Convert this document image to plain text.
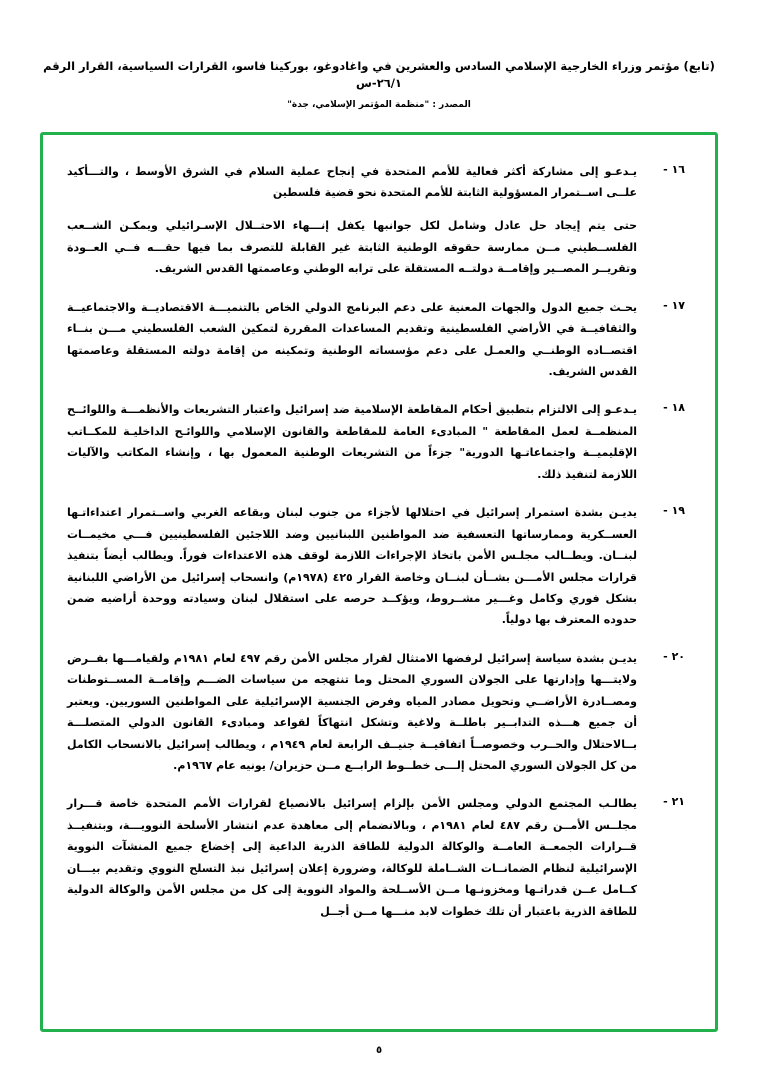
(تابع) مؤتمر وزراء الخارجية الإسلامي السادس والعشرين في واغادوغو، بوركينا فاسو، القرارات السياسية، القرار الرقم ٢٦/١-س
المصدر : "منظمة المؤتمر الإسلامي، جدة"
١٦ -

يـدعـو إلى مشاركة أكثر فعالية للأمم المتحدة في إنجاح عملية السلام في الشرق الأوسط ، والتـــأكيد علــى اســتمرار المسؤولية الثابتة للأمم المتحدة نحو قضية فلسطين

حتى يتم إيجاد حل عادل وشامل لكل جوانبها يكفل إنـــهاء الاحتــلال الإسـرائيلي ويمكـن الشــعب الفلســطيني مــن ممارسة حقوقه الوطنية الثابتة غير القابلة للتصرف بما فيها حقـــه فــي العــودة وتقريــر المصــير وإقامــة دولتــه المستقلة على ترابه الوطني وعاصمتها القدس الشريف.

١٧ -

يحـث جميع الدول والجهات المعنية على دعم البرنامج الدولي الخاص بالتنميـــة الاقتصاديــة والاجتماعيــة والثقافيــة في الأراضي الفلسطينية وتقديم المساعدات المقررة لتمكين الشعب الفلسطيني مـــن بنــاء اقتصــاده الوطنــي والعمـل على دعم مؤسساته الوطنية وتمكينه من إقامة دولته المستقلة وعاصمتها القدس الشريف.

١٨ -

يـدعـو إلى الالتزام بتطبيق أحكام المقاطعة الإسلامية ضد إسرائيل واعتبار التشريعات والأنظمـــة واللوائــح المنظمــة لعمل المقاطعة " المبادىء العامة للمقاطعة والقانون الإسلامي واللوائـح الداخليـة للمكــاتب الإقليميــة واجتماعاتـها الدورية" جزءاً من التشريعات الوطنية المعمول بها ، وإنشاء المكاتب والآليات اللازمة لتنفيذ ذلك.

١٩ -

يديـن بشدة استمرار إسرائيل في احتلالها لأجزاء من جنوب لبنان وبقاعه الغربي واســتمرار اعتداءاتـها العســكرية وممارساتها التعسفية ضد المواطنين اللبنانيين وضد اللاجئين الفلسطينيين فـــي مخيمــات لبنــان. ويطــالب مجلـس الأمن باتخاذ الإجراءات اللازمة لوقف هذه الاعتداءات فوراً. ويطالب أيضاً بتنفيذ قرارات مجلس الأمـــن بشــأن لبنــان وخاصة القرار ٤٢٥ (١٩٧٨م) وانسحاب إسرائيل من الأراضي اللبنانية بشكل فوري وكامل وغـــير مشــروط، ويؤكــد حرصه على استقلال لبنان وسيادته ووحدة أراضيه ضمن حدوده المعترف بها دولياً.

٢٠ -

يديـن بشدة سياسة إسرائيل لرفضها الامتثال لقرار مجلس الأمن رقم ٤٩٧ لعام ١٩٨١م ولقيامـــها بفــرض ولايتـــها وإدارتها على الجولان السوري المحتل وما تنتهجه من سياسات الضـــم وإقامــة المســتوطنات ومصــادرة الأراضــي وتحويل مصادر المياه وفرض الجنسية الإسرائيلية على المواطنين السوريين. ويعتبر أن جميع هـــذه التدابــير باطلــة ولاغية وتشكل انتهاكاً لقواعد ومبادىء القانون الدولي المتصلـــة بــالاحتلال والحــرب وخصوصــاً اتفاقيــة جنيــف الرابعة لعام ١٩٤٩م ، ويطالب إسرائيل بالانسحاب الكامل من كل الجولان السوري المحتل إلـــى خطــوط الرابــع مــن حزيران/ يونيه عام ١٩٦٧م.

٢١ -

يطالـب المجتمع الدولي ومجلس الأمن بإلزام إسرائيل بالانصياع لقرارات الأمم المتحدة خاصة قـــرار مجلــس الأمــن رقم ٤٨٧ لعام ١٩٨١م ، وبالانضمام إلى معاهدة عدم انتشار الأسلحة النوويـــة، وبتنفيــذ قــرارات الجمعــة العامــة والوكالة الدولية للطاقة الذرية الداعية إلى إخضاع جميع المنشآت النووية الإسرائيلية لنظام الضمانــات الشــاملة للوكالة، وضرورة إعلان إسرائيل نبذ التسلح النووي وتقديم بيـــان كــامل عــن قدراتـها ومخزونـها مــن الأســلحة والمواد النووية إلى كل من مجلس الأمن والوكالة الدولية للطاقة الذرية باعتبار أن تلك خطوات لابد منـــها مــن أجــل

٥
